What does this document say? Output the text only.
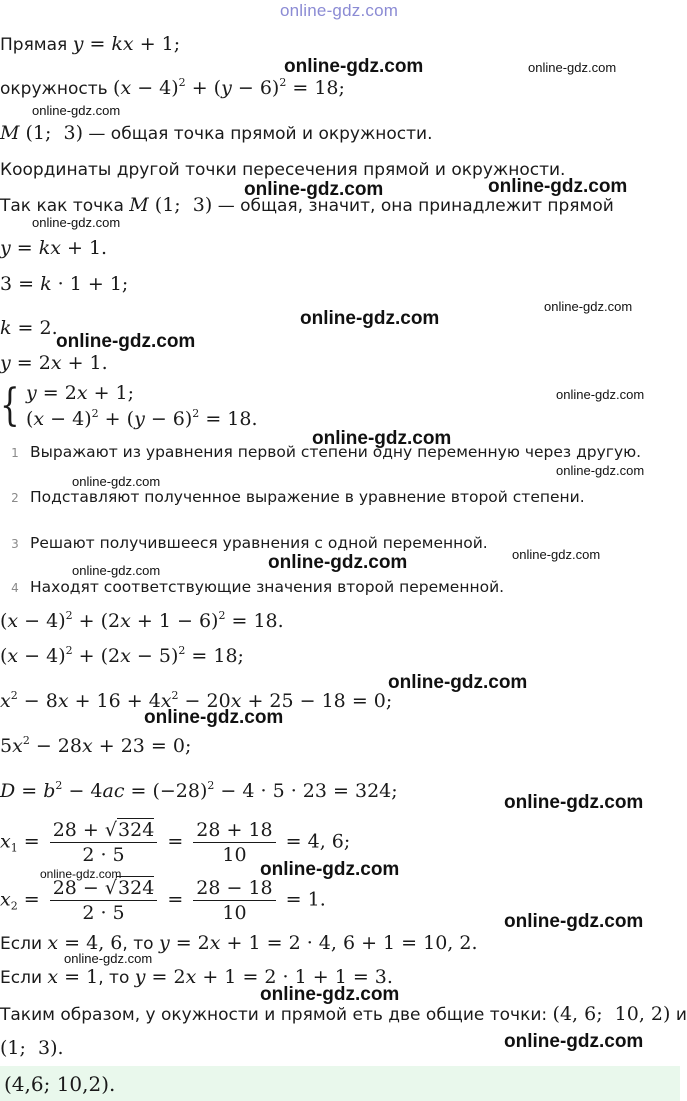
online-gdz.com
online-gdz.com	online-gdz.com
online-gdz.com
online-gdz.com	online-gdz.com
online-gdz.com
online-gdz.com
online-gdz.com
online-gdz.com
online-gdz.com
online-gdz.com
online-gdz.com
online-gdz.com
online-gdz.com
online-gdz.com
online-gdz.com
online-gdz.com
online-gdz.com
online-gdz.com
online-gdz.com
online-gdz.com
online-gdz.com
online-gdz.com
online-gdz.com
online-gdz.com
Прямая y = kx + 1;
окружность $(x - 4)^2 + (y - 6)^2 = 18$;
M (1;  3) — общая точка прямой и окружности.
Координаты другой точки пересечения прямой и окружности.
Так как точка M (1;  3) — общая, значит, она принадлежит прямой
y = kx + 1.
3 = k · 1 + 1;
k = 2.
y = 2x + 1.
{ y = 2x + 1;
$(x - 4)^2 + (y - 6)^2 = 18$.
1 Выражают из уравнения первой степени одну переменную через другую.
2 Подставляют полученное выражение в уравнение второй степени.
3 Решают получившееся уравнения с одной переменной.
4 Находят соответствующие значения второй переменной.
$(x - 4)^2 + (2x + 1 - 6)^2 = 18$.
$(x - 4)^2 + (2x - 5)^2 = 18$;
$x^2 - 8x + 16 + 4x^2 - 20x + 25 - 18 = 0$;
$5x^2 - 28x + 23 = 0$;
$D = b^2 - 4ac = (-28)^2 - 4 \cdot 5 \cdot 23 = 324$;
$x_1 = \frac{28 + √324}{2 \cdot 5} = \frac{28 + 18}{10} = 4$, 6;
$x_2 = \frac{28 - √324}{2 \cdot 5} = \frac{28 - 18}{10} = 1$.
Если x = 4, 6, то y = 2x + 1 = 2 · 4, 6 + 1 = 10, 2.
Если x = 1, то y = 2x + 1 = 2 · 1 + 1 = 3.
Таким образом, у окужности и прямой еть две общие точки: (4, 6;  10, 2) и
(1;  3).
(4,6; 10,2).
